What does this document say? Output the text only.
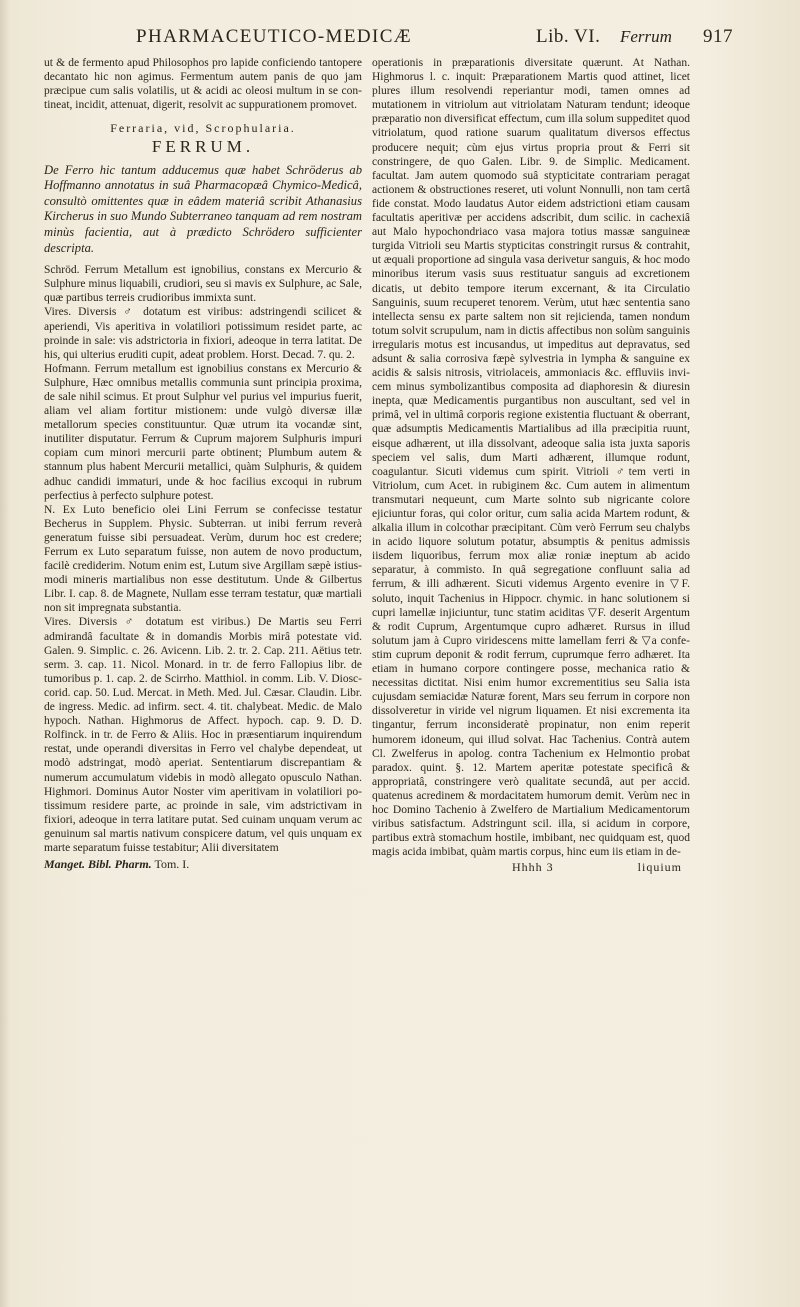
PHARMACEUTICO-MEDICÆ	Lib. VI. Ferrum 917

ut & de fermento apud Philosophos pro lapide conficiendo tantopere decantato hic non agimus. Fermentum autem panis de quo jam præcipue cum salis volatilis, ut & acidi ac oleosi multum in se contineat, incidit, attenuat, digerit, resolvit ac suppurationem promovet.

Ferraria, vid, Scrophularia.

FERRUM.

De Ferro hic tantum adducemus quæ habet Schröderus ab Hoffmanno annotatus in suâ Pharmacopæâ Chymico-Medicâ, consultò omittentes quæ in eâdem materiâ scribit Athanasius Kircherus in suo Mundo Subterraneo tanquam ad rem nostram minùs facientia, aut à prædicto Schrödero sufficienter descripta.

Schröd. Ferrum Metallum est ignobilius, constans ex Mercurio & Sulphure minus liquabili, crudiori, seu si mavis ex Sulphure, ac Sale, quæ partibus terreis crudioribus immixta sunt.

Vires. Diversis ♂ dotatum est viribus: adstringendi scilicet & aperiendi, Vis aperitiva in volatiliori potissimum residet parte, ac proinde in sale: vis adstrictoria in fixiori, adeoque in terra latitat. De his, qui ulterius eruditi cupit, adeat problem. Horst. Decad. 7. qu. 2.

Hofmann. Ferrum metallum est ignobilius constans ex Mercurio & Sulphure, Hæc omnibus metallis communia sunt principia proxima, de sale nihil scimus. Et prout Sulphur vel purius vel impurius fuerit, aliam vel aliam fortitur mistionem: unde vulgò diversæ illæ metallorum species constituuntur. Quæ utrum ita vocandæ sint, inutiliter disputatur. Ferrum & Cuprum majorem Sulphuris impuri copiam cum minori mercurii parte obtinent; Plumbum autem & stannum plus habent Mercurii metallici, quàm Sulphuris, & quidem adhuc candidi immaturi, unde & hoc facilius excoqui in rubrum perfectius à perfecto sulphure potest.

N. Ex Luto beneficio olei Lini Ferrum se confecisse testatur Becherus in Supplem. Physic. Subterran. ut inibi ferrum reverà generatum fuisse sibi persuadeat. Verùm, durum hoc est credere; Ferrum ex Luto separatum fuisse, non autem de novo productum, facilè crediderim. Notum enim est, Lutum sive Argillam sæpè istiusmodi mineris martialibus non esse destitutum. Unde & Gilbertus Libr. I. cap. 8. de Magnete, Nullam esse terram testatur, quæ martiali non sit impregnata substantia.

Vires. Diversis ♂ dotatum est viribus.) De Martis seu Ferri admirandâ facultate & in domandis Morbis mirâ potestate vid. Galen. 9. Simplic. c. 26. Avicenn. Lib. 2. tr. 2. Cap. 211. Aëtius tetr. serm. 3. cap. 11. Nicol. Monard. in tr. de ferro Fallopius libr. de tumoribus p. 1. cap. 2. de Scirrho. Matthiol. in comm. Lib. V. Diosccorid. cap. 50. Lud. Mercat. in Meth. Med. Jul. Cæsar. Claudin. Libr. de ingress. Medic. ad infirm. sect. 4. tit. chalybeat. Medic. de Malo hypoch. Nathan. Highmorus de Affect. hypoch. cap. 9. D. D. Rolfinck. in tr. de Ferro & Aliis. Hoc in præsentiarum inquirendum restat, unde operandi diversitas in Ferro vel chalybe dependeat, ut modò adstringat, modò aperiat. Sententiarum discrepantiam & numerum accumulatum videbis in modò allegato opusculo Nathan. Highmori. Dominus Autor Noster vim aperitivam in volatiliori potissimum residere parte, ac proinde in sale, vim adstrictivam in fixiori, adeoque in terra latitare putat. Sed cuinam unquam verum ac genuinum sal martis nativum conspicere datum, vel quis unquam ex marte separatum fuisse testabitur; Alii diversitatem

Manget. Bibl. Pharm. Tom. I.

operationis in præparationis diversitate quærunt. At Nathan. Highmorus l. c. inquit: Præparationem Martis quod attinet, licet plures illum resolvendi reperiantur modi, tamen omnes ad mutationem in vitriolum aut vitriolatam Naturam tendunt; ideoque præparatio non diversificat effectum, cum illa solum suppeditet quod vitriolatum, quod ratione suarum qualitatum diversos effectus producere nequit; cùm ejus virtus propria prout & Ferri sit constringere, de quo Galen. Libr. 9. de Simplic. Medicament. facultat. Jam autem quomodo suâ stypticitate contrariam peragat actionem & obstructiones reseret, uti volunt Nonnulli, non tam certâ fide constat. Modo laudatus Autor eidem adstrictioni etiam causam facultatis aperitivæ per accidens adscribit, dum scilic. in cachexiâ aut Malo hypochondriaco vasa majora totius massæ sanguineæ turgida Vitrioli seu Martis stypticitas constringit rursus & contrahit, ut æquali proportione ad singula vasa derivetur sanguis, & hoc modo minoribus iterum vasis suus restituatur sanguis ad excretionem dicatis, ut debito tempore iterum excernant, & ita Circulatio Sanguinis, suum recuperet tenorem. Verùm, utut hæc sententia sano intellecta sensu ex parte saltem non sit rejicienda, tamen nondum totum solvit scrupulum, nam in dictis affectibus non solùm sanguinis irregularis motus est incusandus, ut impeditus aut depravatus, sed adsunt & salia corrosiva fæpè sylvestria in lympha & sanguine ex acidis & salsis nitrosis, vitriolaceis, ammoniacis &c. effluviis invicem minus symbolizantibus composita ad diaphoresin & diuresin inepta, quæ Medicamentis purgantibus non auscultant, sed vel in primâ, vel in ultimâ corporis regione existentia fluctuant & oberrant, quæ adsumptis Medicamentis Martialibus ad illa præcipitia ruunt, eisque adhærent, ut illa dissolvant, adeoque salia ista juxta saporis speciem vel salis, dum Marti adhærent, illumque rodunt, coagulantur. Sicuti videmus cum spirit. Vitrioli ♂tem verti in Vitriolum, cum Acet. in rubiginem &c. Cum autem in alimentum transmutari nequeunt, cum Marte solnto sub nigricante colore ejiciuntur foras, qui color oritur, cum salia acida Martem rodunt, & alkalia illum in colcothar præcipitant. Cùm verò Ferrum seu chalybs in acido liquore solutum potatur, absumptis & penitus admissis iisdem liquoribus, ferrum mox aliæ roniæ ineptum ab acido separatur, à commisto. In quâ segregatione confluunt salia ad ferrum, & illi adhærent. Sicuti videmus Argento evenire in ▽F. soluto, inquit Tachenius in Hippocr. chymic. in hanc solutionem si cupri lamellæ injiciuntur, tunc statim aciditas ▽F. deserit Argentum & rodit Cuprum, Argentumque cupro adhæret. Rursus in illud solutum jam à Cupro viridescens mitte lamellam ferri & ▽a confestim cuprum deponit & rodit ferrum, cuprumque ferro adhæret. Ita etiam in humano corpore contingere posse, mechanica ratio & necessitas dictitat. Nisi enim humor excrementitius seu Salia ista cujusdam semiacidæ Naturæ forent, Mars seu ferrum in corpore non dissolveretur in viride vel nigrum liquamen. Et nisi excrementa ita tingantur, ferrum inconsideratè propinatur, non enim reperit humorem idoneum, qui illud solvat. Hac Tachenius. Contrà autem Cl. Zwelferus in apolog. contra Tachenium ex Helmontio probat paradox. quint. §. 12. Martem aperitæ potestate specificâ & appropriatâ, constringere verò qualitate secundâ, aut per accid. quatenus acredinem & mordacitatem humorum demit. Verùm nec in hoc Domino Tachenio à Zwelfero de Martialium Medicamentorum viribus satisfactum. Adstringunt scil. illa, si acidum in corpore, partibus extrà stomachum hostile, imbibant, nec quidquam est, quod magis acida imbibat, quàm martis corpus, hinc eum iis etiam in de-

Hhhh 3	liquium
